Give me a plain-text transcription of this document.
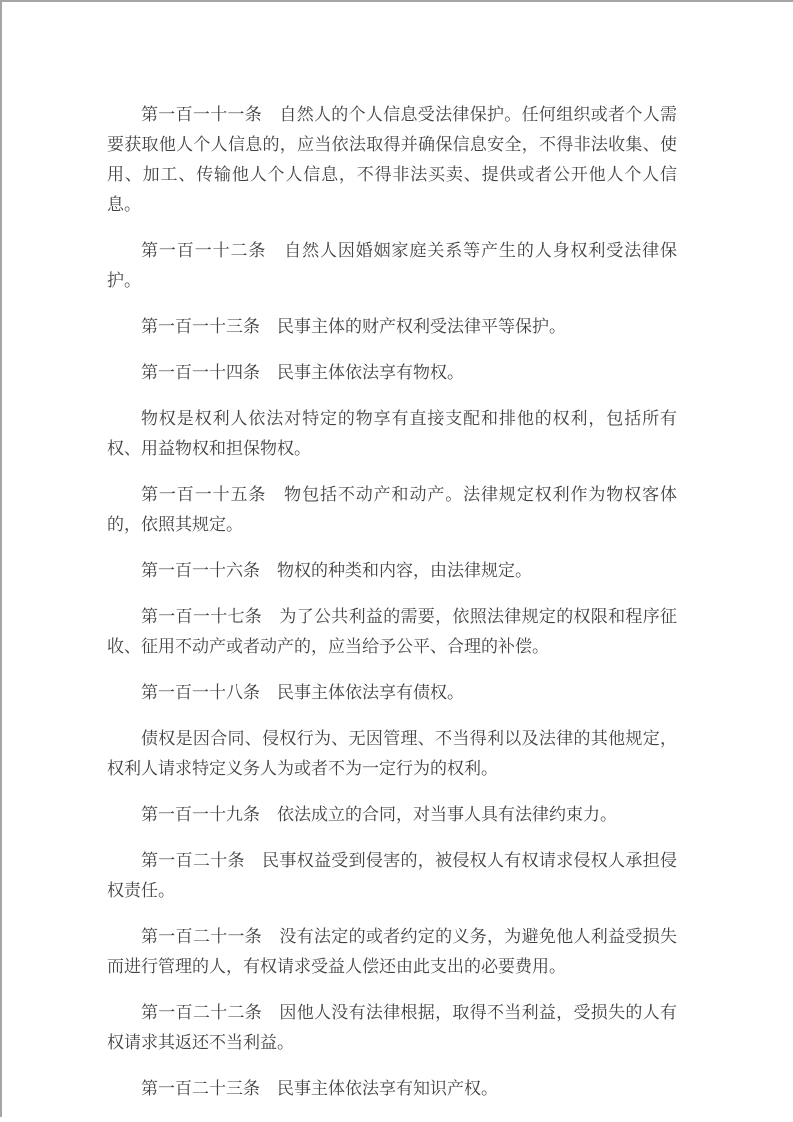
第一百一十一条　自然人的个人信息受法律保护。任何组织或者个人需要获取他人个人信息的，应当依法取得并确保信息安全，不得非法收集、使用、加工、传输他人个人信息，不得非法买卖、提供或者公开他人个人信息。

第一百一十二条　自然人因婚姻家庭关系等产生的人身权利受法律保护。

第一百一十三条　民事主体的财产权利受法律平等保护。

第一百一十四条　民事主体依法享有物权。

物权是权利人依法对特定的物享有直接支配和排他的权利，包括所有权、用益物权和担保物权。

第一百一十五条　物包括不动产和动产。法律规定权利作为物权客体的，依照其规定。

第一百一十六条　物权的种类和内容，由法律规定。

第一百一十七条　为了公共利益的需要，依照法律规定的权限和程序征收、征用不动产或者动产的，应当给予公平、合理的补偿。

第一百一十八条　民事主体依法享有债权。

债权是因合同、侵权行为、无因管理、不当得利以及法律的其他规定，权利人请求特定义务人为或者不为一定行为的权利。

第一百一十九条　依法成立的合同，对当事人具有法律约束力。

第一百二十条　民事权益受到侵害的，被侵权人有权请求侵权人承担侵权责任。

第一百二十一条　没有法定的或者约定的义务，为避免他人利益受损失而进行管理的人，有权请求受益人偿还由此支出的必要费用。

第一百二十二条　因他人没有法律根据，取得不当利益，受损失的人有权请求其返还不当利益。

第一百二十三条　民事主体依法享有知识产权。
